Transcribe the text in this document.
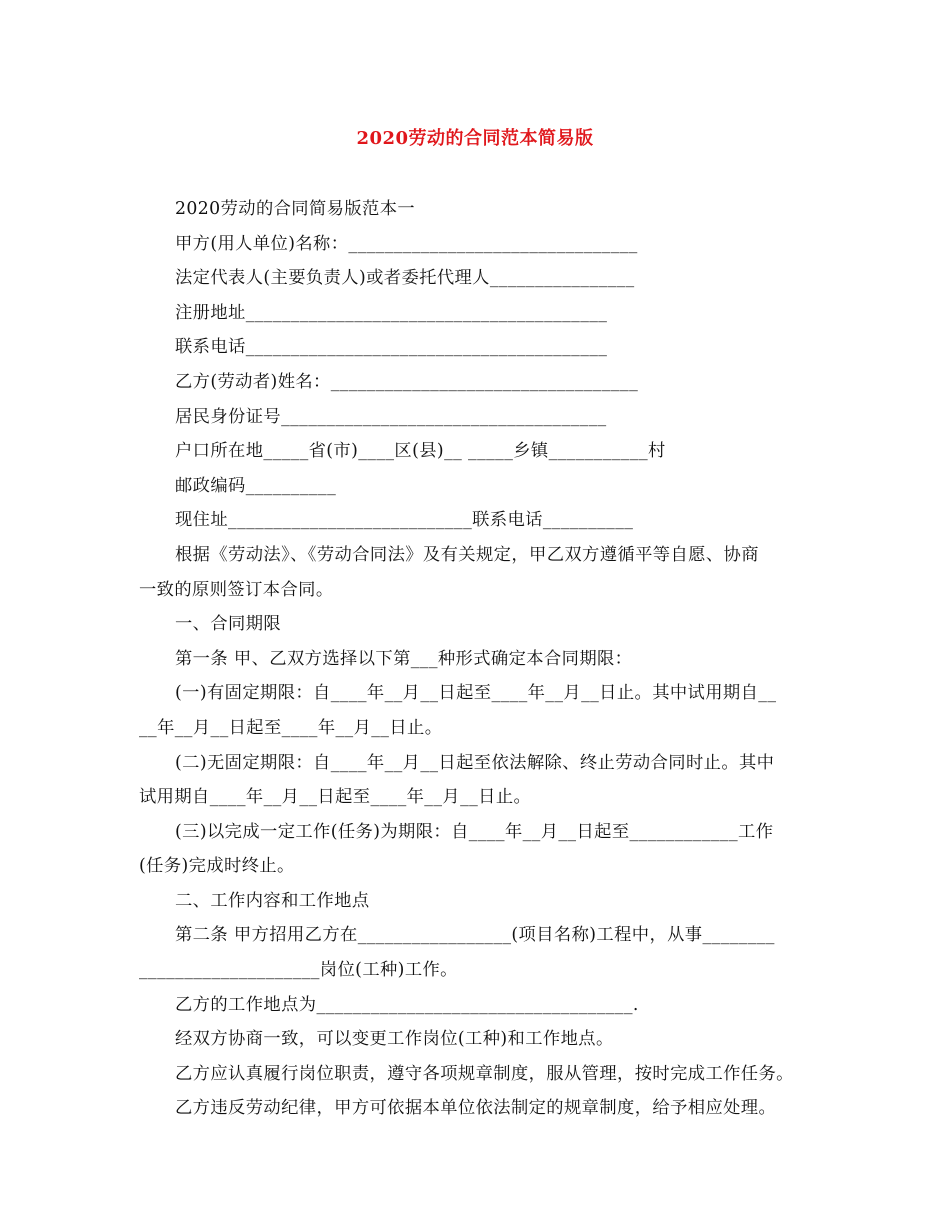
2020劳动的合同范本简易版
2020劳动的合同简易版范本一
甲方(用人单位)名称：________________________________
法定代表人(主要负责人)或者委托代理人________________
注册地址________________________________________
联系电话________________________________________
乙方(劳动者)姓名：__________________________________
居民身份证号____________________________________
户口所在地_____省(市)____区(县)__ _____乡镇___________村
邮政编码__________
现住址___________________________联系电话__________
根据《劳动法》、《劳动合同法》及有关规定，甲乙双方遵循平等自愿、协商
一致的原则签订本合同。
一、合同期限
第一条 甲、乙双方选择以下第___种形式确定本合同期限：
(一)有固定期限：自____年__月__日起至____年__月__日止。其中试用期自__
__年__月__日起至____年__月__日止。
(二)无固定期限：自____年__月__日起至依法解除、终止劳动合同时止。其中
试用期自____年__月__日起至____年__月__日止。
(三)以完成一定工作(任务)为期限：自____年__月__日起至____________工作
(任务)完成时终止。
二、工作内容和工作地点
第二条 甲方招用乙方在_________________(项目名称)工程中，从事________
____________________岗位(工种)工作。
乙方的工作地点为___________________________________.
经双方协商一致，可以变更工作岗位(工种)和工作地点。
乙方应认真履行岗位职责，遵守各项规章制度，服从管理，按时完成工作任务。
乙方违反劳动纪律，甲方可依据本单位依法制定的规章制度，给予相应处理。
